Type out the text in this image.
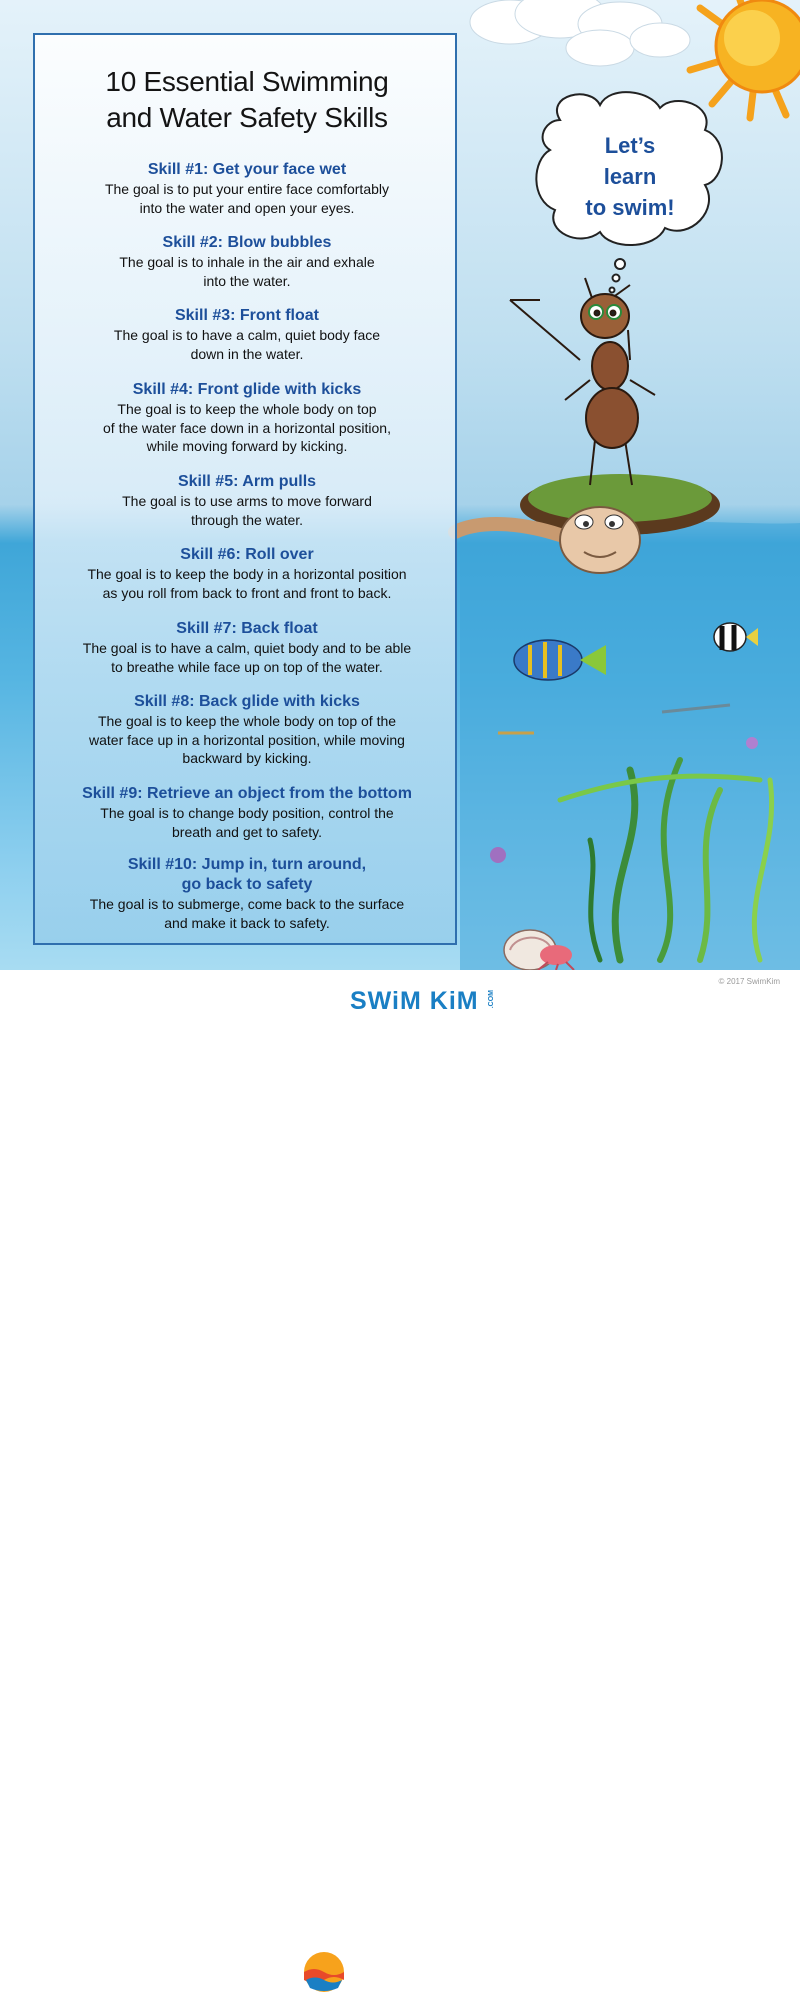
10 Essential Swimming
and Water Safety Skills
Skill #1: Get your face wet
The goal is to put your entire face comfortably
into the water and open your eyes.
Skill #2: Blow bubbles
The goal is to inhale in the air and exhale
into the water.
Skill #3: Front float
The goal is to have a calm, quiet body face
down in the water.
Skill #4: Front glide with kicks
The goal is to keep the whole body on top
of the water face down in a horizontal position,
while moving forward by kicking.
Skill #5: Arm pulls
The goal is to use arms to move forward
through the water.
Skill #6: Roll over
The goal is to keep the body in a horizontal position
as you roll from back to front and front to back.
Skill #7: Back float
The goal is to have a calm, quiet body and to be able
to breathe while face up on top of the water.
Skill #8: Back glide with kicks
The goal is to keep the whole body on top of the
water face up in a horizontal position, while moving
backward by kicking.
Skill #9: Retrieve an object from the bottom
The goal is to change body position, control the
breath and get to safety.
Skill #10: Jump in, turn around,
go back to safety
The goal is to submerge, come back to the surface
and make it back to safety.
Let’s
learn
to swim!
© 2017 SwimKim
SWiM KiM .COM
